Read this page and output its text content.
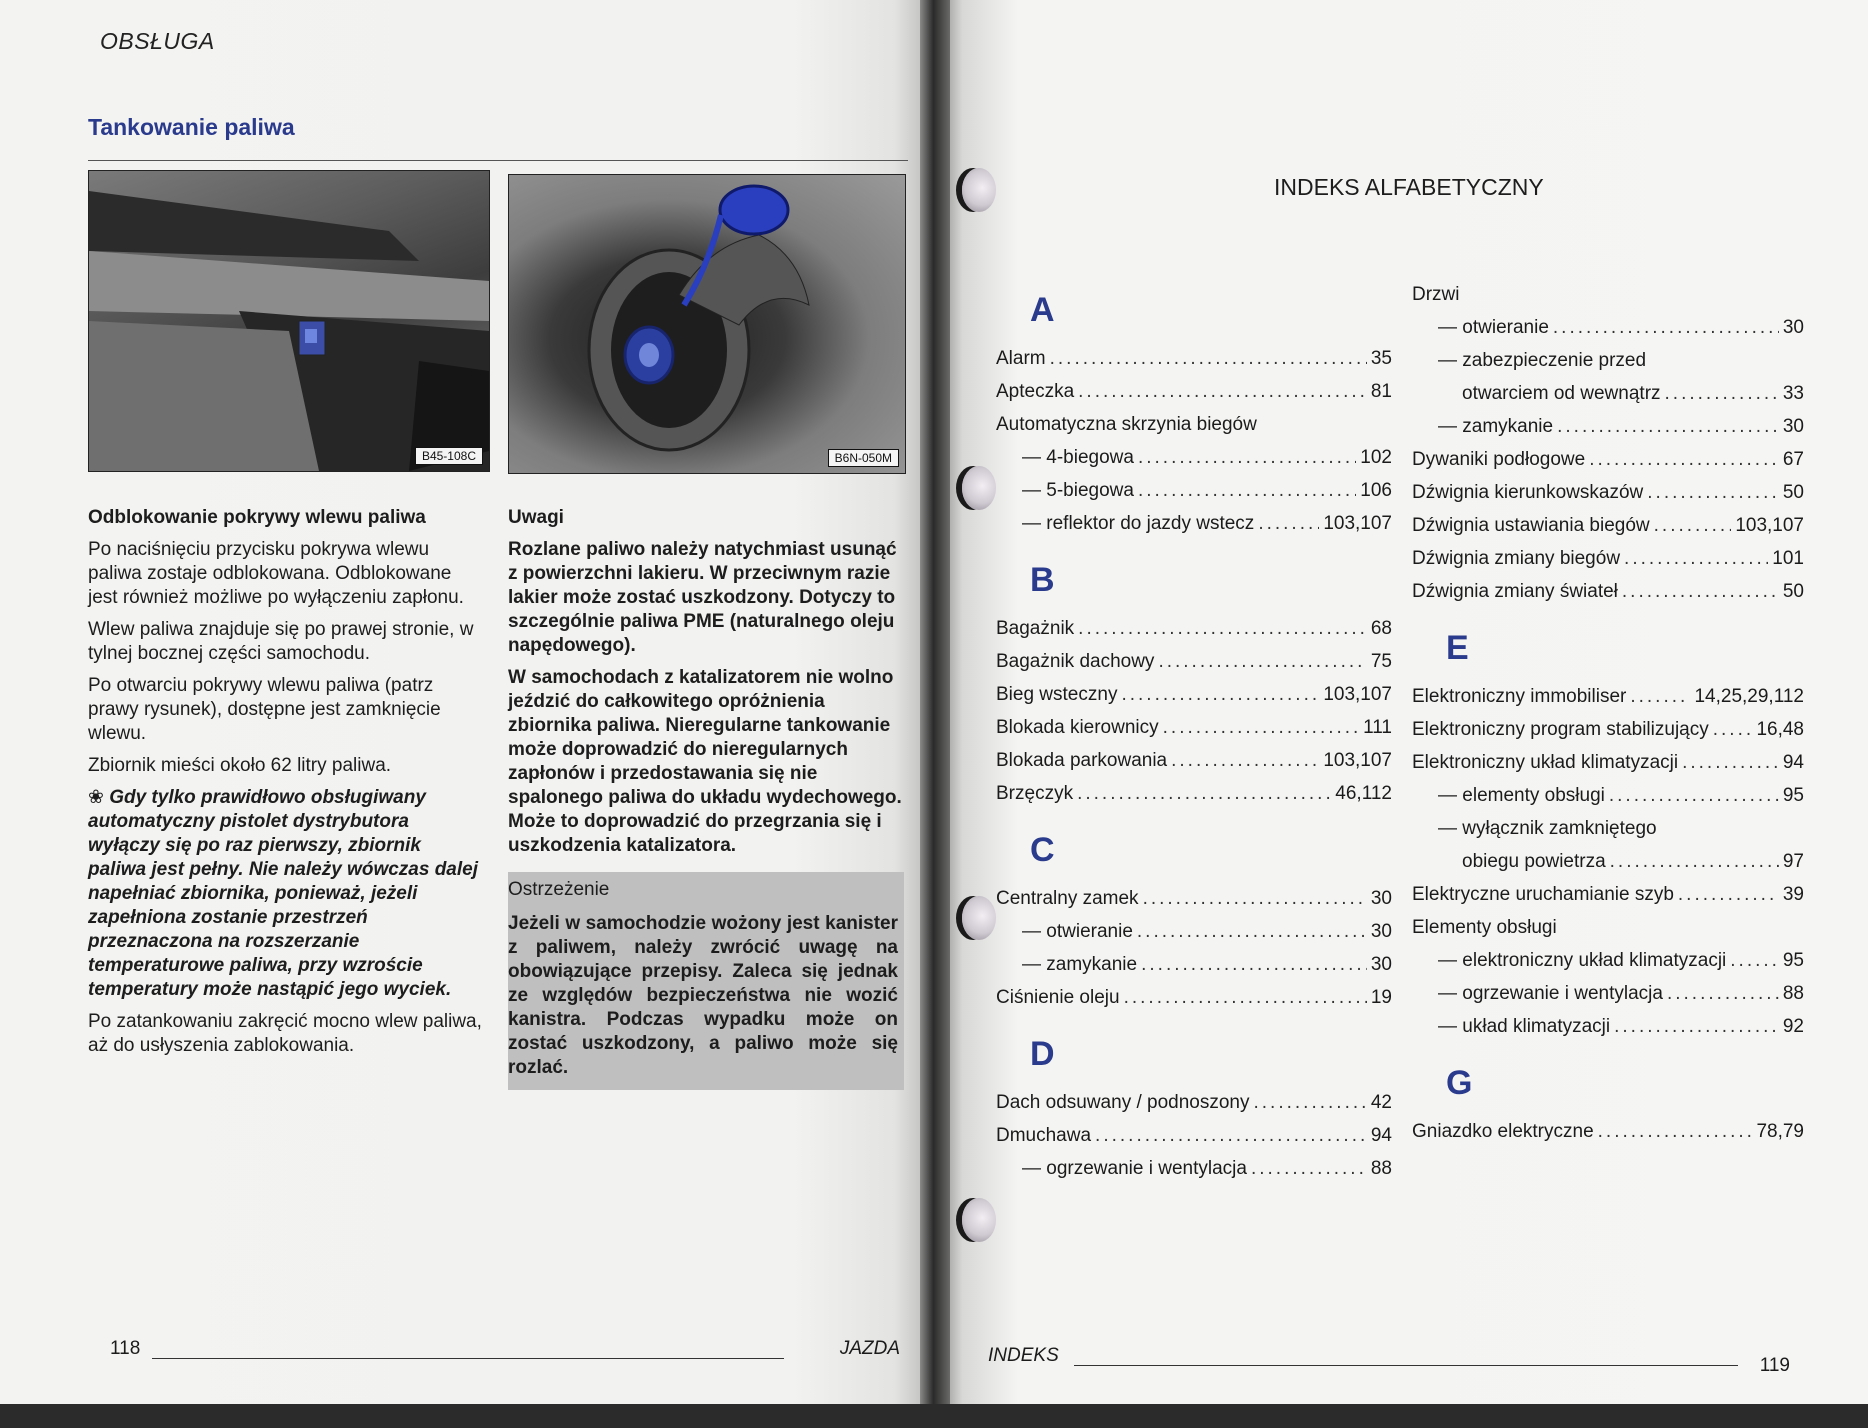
OBSŁUGA
Tankowanie paliwa
B45-108C	B6N-050M
Odblokowanie pokrywy wlewu paliwa

Po naciśnięciu przycisku pokrywa wlewu paliwa zostaje odblokowana. Odblokowane jest również możliwe po wyłączeniu zapłonu.

Wlew paliwa znajduje się po prawej stronie, w tylnej bocznej części samochodu.

Po otwarciu pokrywy wlewu paliwa (patrz prawy rysunek), dostępne jest zamknięcie wlewu.

Zbiornik mieści około 62 litry paliwa.

❀ Gdy tylko prawidłowo obsługiwany automatyczny pistolet dystrybutora wyłączy się po raz pierwszy, zbiornik paliwa jest pełny. Nie należy wówczas dalej napełniać zbiornika, ponieważ, jeżeli zapełniona zostanie przestrzeń przeznaczona na rozszerzanie temperaturowe paliwa, przy wzroście temperatury może nastąpić jego wyciek.

Po zatankowaniu zakręcić mocno wlew paliwa, aż do usłyszenia zablokowania.

Uwagi

Rozlane paliwo należy natychmiast usunąć z powierzchni lakieru. W przeciwnym razie lakier może zostać uszkodzony. Dotyczy to szczególnie paliwa PME (naturalnego oleju napędowego).

W samochodach z katalizatorem nie wolno jeździć do całkowitego opróżnienia zbiornika paliwa. Nieregularne tankowanie może doprowadzić do nieregularnych zapłonów i przedostawania się nie spalonego paliwa do układu wydechowego. Może to doprowadzić do przegrzania się i uszkodzenia katalizatora.

Ostrzeżenie

Jeżeli w samochodzie wożony jest kanister z paliwem, należy zwrócić uwagę na obowiązujące przepisy. Zaleca się jednak ze względów bezpieczeństwa nie wozić kanistra. Podczas wypadku może on zostać uszkodzony, a paliwo może się rozlać.

118	JAZDA
INDEKS ALFABETYCZNY
A
Alarm .....	35
Apteczka .....	81
Automatyczna skrzynia biegów
— 4-biegowa .....	102
— 5-biegowa .....	106
— reflektor do jazdy wstecz .....	103,107
B
Bagażnik .....	68
Bagażnik dachowy .....	75
Bieg wsteczny .....	103,107
Blokada kierownicy .....	111
Blokada parkowania .....	103,107
Brzęczyk .....	46,112
C
Centralny zamek .....	30
— otwieranie .....	30
— zamykanie .....	30
Ciśnienie oleju .....	19
D
Dach odsuwany / podnoszony .....	42
Dmuchawa .....	94
— ogrzewanie i wentylacja .....	88
Drzwi
— otwieranie .....	30
— zabezpieczenie przed
otwarciem od wewnątrz .....	33
— zamykanie .....	30
Dywaniki podłogowe .....	67
Dźwignia kierunkowskazów .....	50
Dźwignia ustawiania biegów .....	103,107
Dźwignia zmiany biegów .....	101
Dźwignia zmiany świateł .....	50
E
Elektroniczny immobiliser .....	14,25,29,112
Elektroniczny program stabilizujący .....	16,48
Elektroniczny układ klimatyzacji .....	94
— elementy obsługi .....	95
— wyłącznik zamkniętego
obiegu powietrza .....	97
Elektryczne uruchamianie szyb .....	39
Elementy obsługi
— elektroniczny układ klimatyzacji .....	95
— ogrzewanie i wentylacja .....	88
— układ klimatyzacji .....	92
G
Gniazdko elektryczne .....	78,79
INDEKS	119
